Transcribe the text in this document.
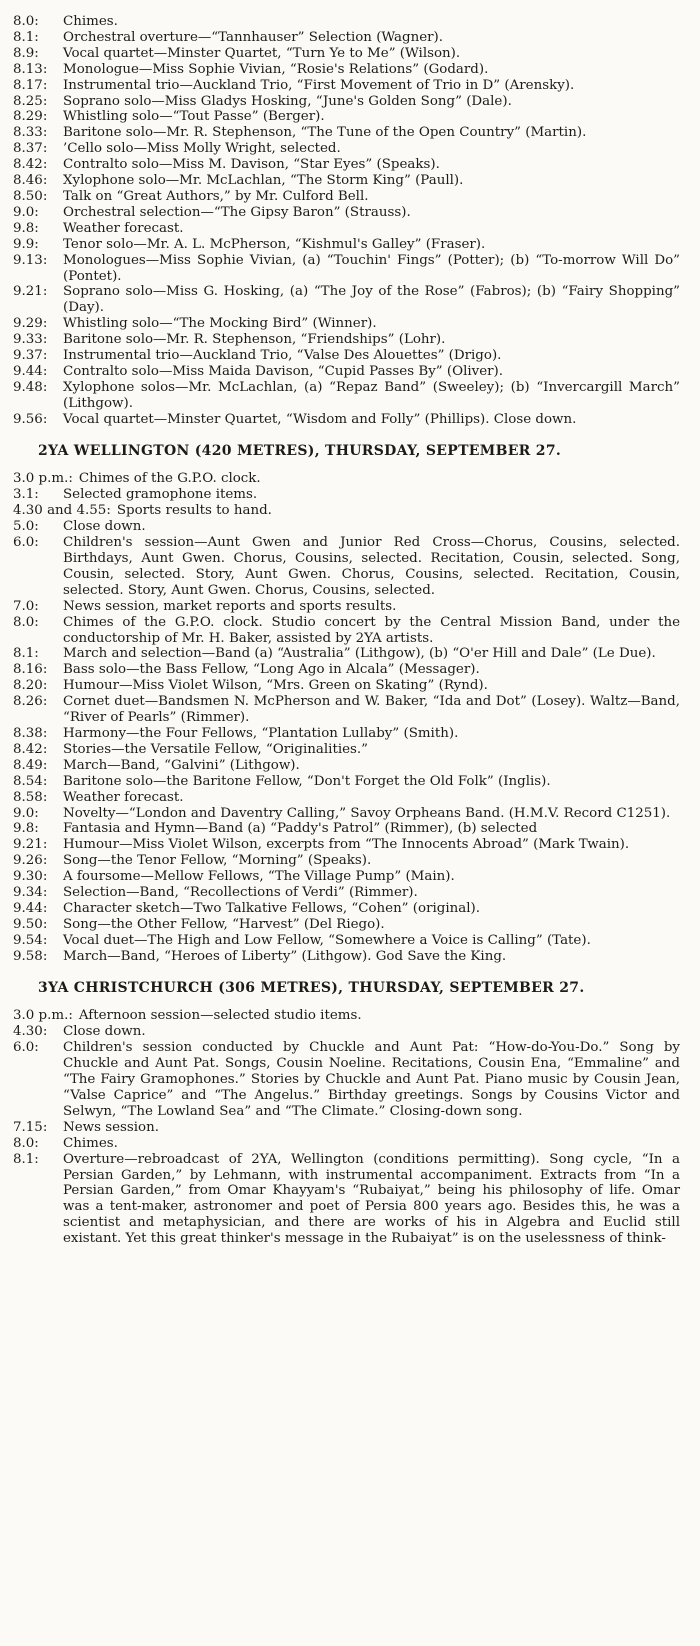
8.0:	Chimes.
8.1:	Orchestral overture—“Tannhauser” Selection (Wagner).
8.9:	Vocal quartet—Minster Quartet, “Turn Ye to Me” (Wilson).
8.13:	Monologue—Miss Sophie Vivian, “Rosie's Relations” (Godard).
8.17:	Instrumental trio—Auckland Trio, “First Movement of Trio in D” (Arensky).
8.25:	Soprano solo—Miss Gladys Hosking, “June's Golden Song” (Dale).
8.29:	Whistling solo—“Tout Passe” (Berger).
8.33:	Baritone solo—Mr. R. Stephenson, “The Tune of the Open Country” (Martin).
8.37:	’Cello solo—Miss Molly Wright, selected.
8.42:	Contralto solo—Miss M. Davison, “Star Eyes” (Speaks).
8.46:	Xylophone solo—Mr. McLachlan, “The Storm King” (Paull).
8.50:	Talk on “Great Authors,” by Mr. Culford Bell.
9.0:	Orchestral selection—“The Gipsy Baron” (Strauss).
9.8:	Weather forecast.
9.9:	Tenor solo—Mr. A. L. McPherson, “Kishmul's Galley” (Fraser).
9.13:	Monologues—Miss Sophie Vivian, (a) “Touchin' Fings” (Potter); (b) “To-morrow Will Do” (Pontet).
9.21:	Soprano solo—Miss G. Hosking, (a) “The Joy of the Rose” (Fabros); (b) “Fairy Shopping” (Day).
9.29:	Whistling solo—“The Mocking Bird” (Winner).
9.33:	Baritone solo—Mr. R. Stephenson, “Friendships” (Lohr).
9.37:	Instrumental trio—Auckland Trio, “Valse Des Alouettes” (Drigo).
9.44:	Contralto solo—Miss Maida Davison, “Cupid Passes By” (Oliver).
9.48:	Xylophone solos—Mr. McLachlan, (a) “Repaz Band” (Sweeley); (b) “Invercargill March” (Lithgow).
9.56:	Vocal quartet—Minster Quartet, “Wisdom and Folly” (Phillips). Close down.
2YA WELLINGTON (420 METRES), THURSDAY, SEPTEMBER 27.
3.0 p.m.: Chimes of the G.P.O. clock.
3.1:	Selected gramophone items.
4.30 and 4.55: Sports results to hand.
5.0:	Close down.
6.0:	Children's session—Aunt Gwen and Junior Red Cross—Chorus, Cousins, selected. Birthdays, Aunt Gwen. Chorus, Cousins, selected. Recitation, Cousin, selected. Song, Cousin, selected. Story, Aunt Gwen. Chorus, Cousins, selected. Recitation, Cousin, selected. Story, Aunt Gwen. Chorus, Cousins, selected.
7.0:	News session, market reports and sports results.
8.0:	Chimes of the G.P.O. clock. Studio concert by the Central Mission Band, under the conductorship of Mr. H. Baker, assisted by 2YA artists.
8.1:	March and selection—Band (a) “Australia” (Lithgow), (b) “O'er Hill and Dale” (Le Due).
8.16:	Bass solo—the Bass Fellow, “Long Ago in Alcala” (Messager).
8.20:	Humour—Miss Violet Wilson, “Mrs. Green on Skating” (Rynd).
8.26:	Cornet duet—Bandsmen N. McPherson and W. Baker, “Ida and Dot” (Losey). Waltz—Band, “River of Pearls” (Rimmer).
8.38:	Harmony—the Four Fellows, “Plantation Lullaby” (Smith).
8.42:	Stories—the Versatile Fellow, “Originalities.”
8.49:	March—Band, “Galvini” (Lithgow).
8.54:	Baritone solo—the Baritone Fellow, “Don't Forget the Old Folk” (Inglis).
8.58:	Weather forecast.
9.0:	Novelty—“London and Daventry Calling,” Savoy Orpheans Band. (H.M.V. Record C1251).
9.8:	Fantasia and Hymn—Band (a) “Paddy's Patrol” (Rimmer), (b) selected
9.21:	Humour—Miss Violet Wilson, excerpts from “The Innocents Abroad” (Mark Twain).
9.26:	Song—the Tenor Fellow, “Morning” (Speaks).
9.30:	A foursome—Mellow Fellows, “The Village Pump” (Main).
9.34:	Selection—Band, “Recollections of Verdi” (Rimmer).
9.44:	Character sketch—Two Talkative Fellows, “Cohen” (original).
9.50:	Song—the Other Fellow, “Harvest” (Del Riego).
9.54:	Vocal duet—The High and Low Fellow, “Somewhere a Voice is Calling” (Tate).
9.58:	March—Band, “Heroes of Liberty” (Lithgow). God Save the King.
3YA CHRISTCHURCH (306 METRES), THURSDAY, SEPTEMBER 27.
3.0 p.m.: Afternoon session—selected studio items.
4.30:	Close down.
6.0:	Children's session conducted by Chuckle and Aunt Pat: “How-do-You-Do.” Song by Chuckle and Aunt Pat. Songs, Cousin Noeline. Recitations, Cousin Ena, “Emmaline” and “The Fairy Gramophones.” Stories by Chuckle and Aunt Pat. Piano music by Cousin Jean, “Valse Caprice” and “The Angelus.” Birthday greetings. Songs by Cousins Victor and Selwyn, “The Lowland Sea” and “The Climate.” Closing-down song.
7.15:	News session.
8.0:	Chimes.
8.1:	Overture—rebroadcast of 2YA, Wellington (conditions permitting). Song cycle, “In a Persian Garden,” by Lehmann, with instrumental accompaniment. Extracts from “In a Persian Garden,” from Omar Khayyam's “Rubaiyat,” being his philosophy of life. Omar was a tent-maker, astronomer and poet of Persia 800 years ago. Besides this, he was a scientist and metaphysician, and there are works of his in Algebra and Euclid still existant. Yet this great thinker's message in the Rubaiyat” is on the uselessness of think-
